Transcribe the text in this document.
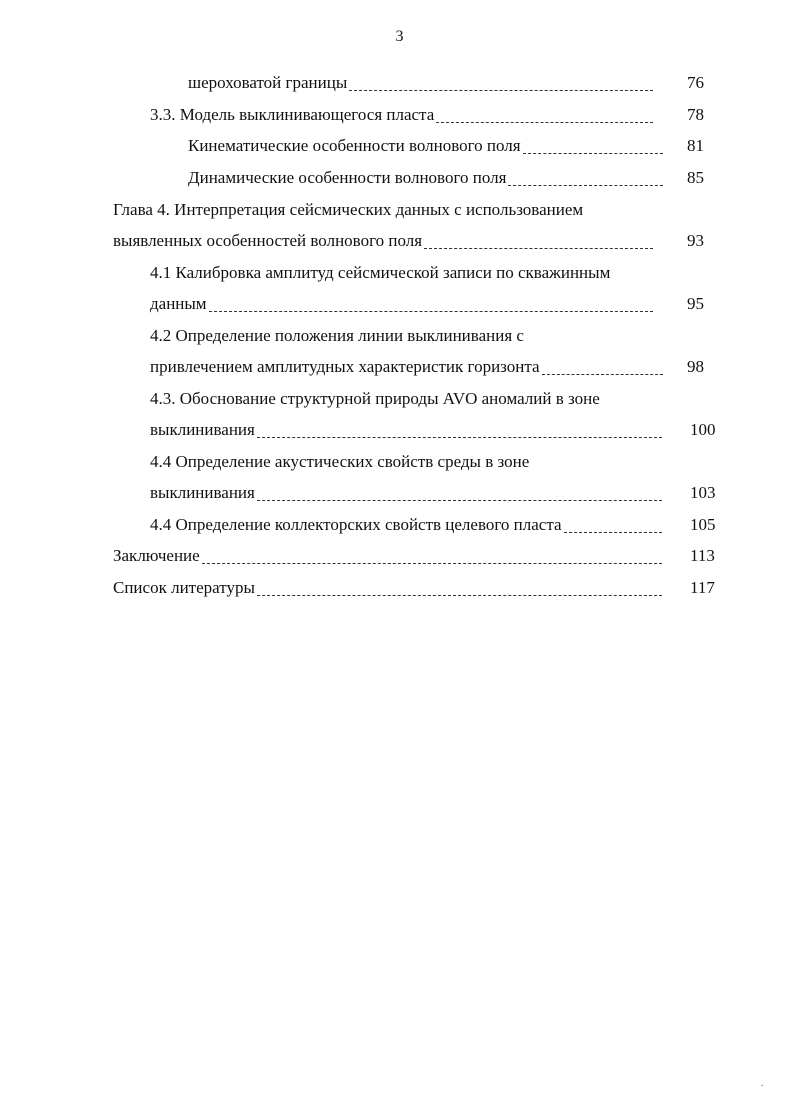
3
шероховатой границы	76
3.3. Модель выклинивающегося пласта	78
Кинематические особенности волнового поля	81
Динамические особенности волнового поля	85
Глава 4. Интерпретация сейсмических данных с использованием
выявленных особенностей волнового поля	93
4.1 Калибровка амплитуд сейсмической записи по скважинным
данным	95
4.2 Определение положения линии выклинивания с
привлечением амплитудных характеристик горизонта	98
4.3. Обоснование структурной природы AVO аномалий в зоне
выклинивания	100
4.4 Определение акустических свойств среды в зоне
выклинивания	103
4.4 Определение коллекторских свойств целевого пласта	105
Заключение	113
Список литературы	117
.
